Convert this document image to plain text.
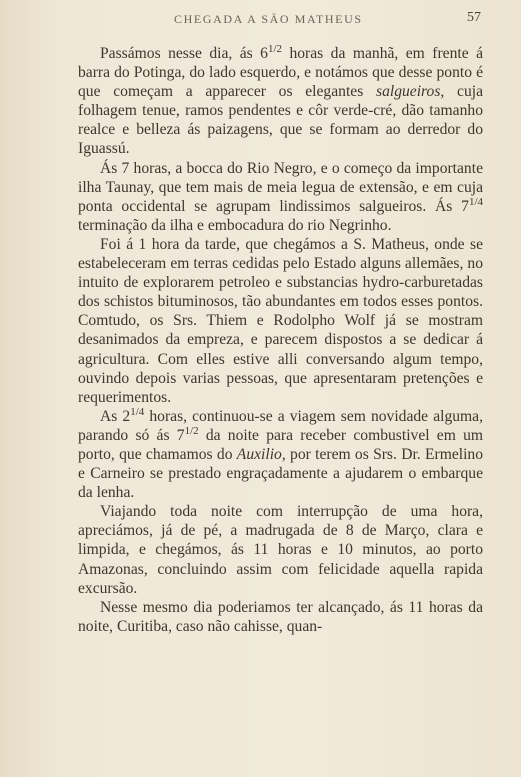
CHEGADA A SÃO MATHEUS	57

Passámos nesse dia, ás $6^{1/2}$ horas da manhã, em frente á barra do Potinga, do lado esquerdo, e notámos que desse ponto é que começam a apparecer os elegantes salgueiros, cuja folhagem tenue, ramos pendentes e côr verde-cré, dão tamanho realce e belleza ás paizagens, que se formam ao derredor do Iguassú.

Ás 7 horas, a bocca do Rio Negro, e o começo da importante ilha Taunay, que tem mais de meia legua de extensão, e em cuja ponta occidental se agrupam lindissimos salgueiros. Ás $7^{1/4}$ terminação da ilha e embocadura do rio Negrinho.

Foi á 1 hora da tarde, que chegámos a S. Matheus, onde se estabeleceram em terras cedidas pelo Estado alguns allemães, no intuito de explorarem petroleo e substancias hydro-carburetadas dos schistos bituminosos, tão abundantes em todos esses pontos. Comtudo, os Srs. Thiem e Rodolpho Wolf já se mostram desanimados da empreza, e parecem dispostos a se dedicar á agricultura. Com elles estive alli conversando algum tempo, ouvindo depois varias pessoas, que apresentaram pretenções e requerimentos.

As $2^{1/4}$ horas, continuou-se a viagem sem novidade alguma, parando só ás $7^{1/2}$ da noite para receber combustivel em um porto, que chamamos do Auxilio, por terem os Srs. Dr. Ermelino e Carneiro se prestado engraçadamente a ajudarem o embarque da lenha.

Viajando toda noite com interrupção de uma hora, apreciámos, já de pé, a madrugada de 8 de Março, clara e limpida, e chegámos, ás 11 horas e 10 minutos, ao porto Amazonas, concluindo assim com felicidade aquella rapida excursão.

Nesse mesmo dia poderiamos ter alcançado, ás 11 horas da noite, Curitiba, caso não cahisse, quan-
